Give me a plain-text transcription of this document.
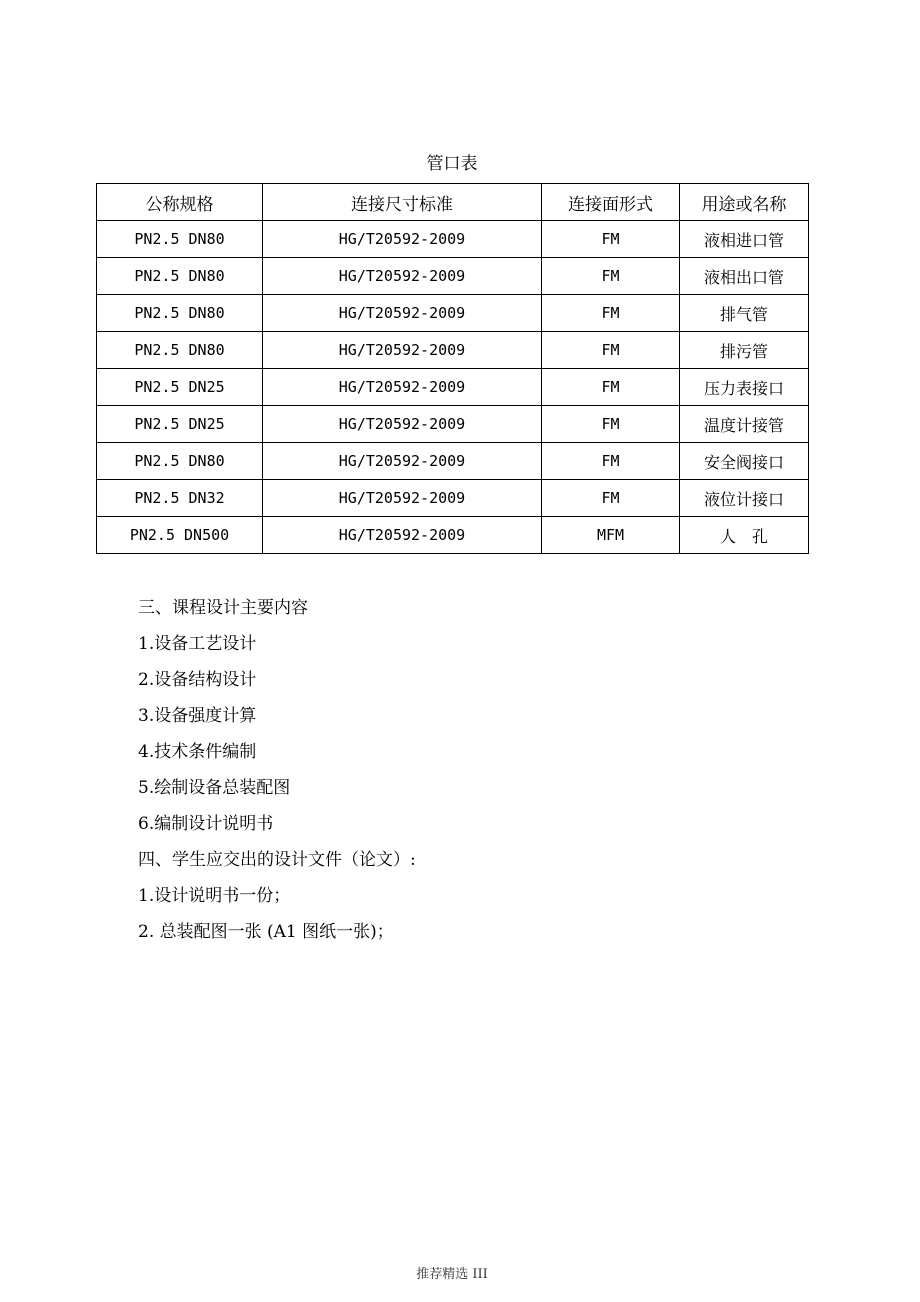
管口表
公称规格	连接尺寸标准	连接面形式	用途或名称
PN2.5 DN80	HG/T20592-2009	FM	液相进口管
PN2.5 DN80	HG/T20592-2009	FM	液相出口管
PN2.5 DN80	HG/T20592-2009	FM	排气管
PN2.5 DN80	HG/T20592-2009	FM	排污管
PN2.5 DN25	HG/T20592-2009	FM	压力表接口
PN2.5 DN25	HG/T20592-2009	FM	温度计接管
PN2.5 DN80	HG/T20592-2009	FM	安全阀接口
PN2.5 DN32	HG/T20592-2009	FM	液位计接口
PN2.5 DN500	HG/T20592-2009	MFM	人　孔

三、课程设计主要内容

1.设备工艺设计

2.设备结构设计

3.设备强度计算

4.技术条件编制

5.绘制设备总装配图

6.编制设计说明书

四、学生应交出的设计文件（论文）:

1.设计说明书一份；

2. 总装配图一张 (A1 图纸一张)；

推荐精选 III
